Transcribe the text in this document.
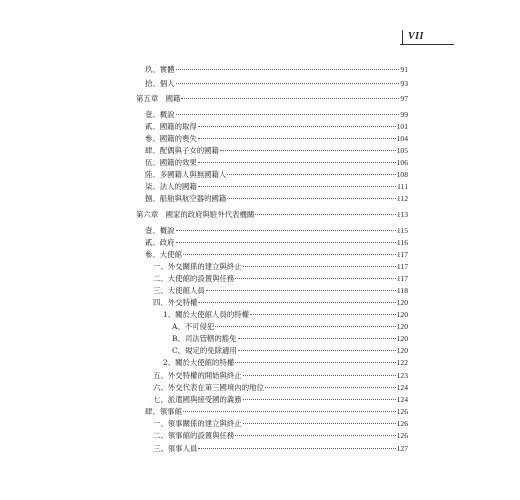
VII
玖、實體	91
拾、個人	93
第五章　國籍	97
壹、概說	99
貳、國籍的取得	101
參、國籍的喪失	104
肆、配偶與子女的國籍	105
伍、國籍的效果	106
陸、多國籍人與無國籍人	108
柒、法人的國籍	111
捌、船舶與航空器的國籍	112
第六章　國家的政府與駐外代表機關	113
壹、概說	115
貳、政府	116
參、大使館	117
一、外交關係的建立與終止	117
二、大使館的設置與任務	117
三、大使館人員	118
四、外交特權	120
1、關於大使館人員的特權	120
A、不可侵犯	120
B、司法管轄的豁免	120
C、規定的免除適用	120
2、關於大使館的特權	122
五、外交特權的開始與終止	123
六、外交代表在第三國境內的地位	124
七、派遣國與接受國的義務	124
肆、領事館	126
一、領事關係的建立與終止	126
二、領事館的設置與任務	126
三、領事人員	127
